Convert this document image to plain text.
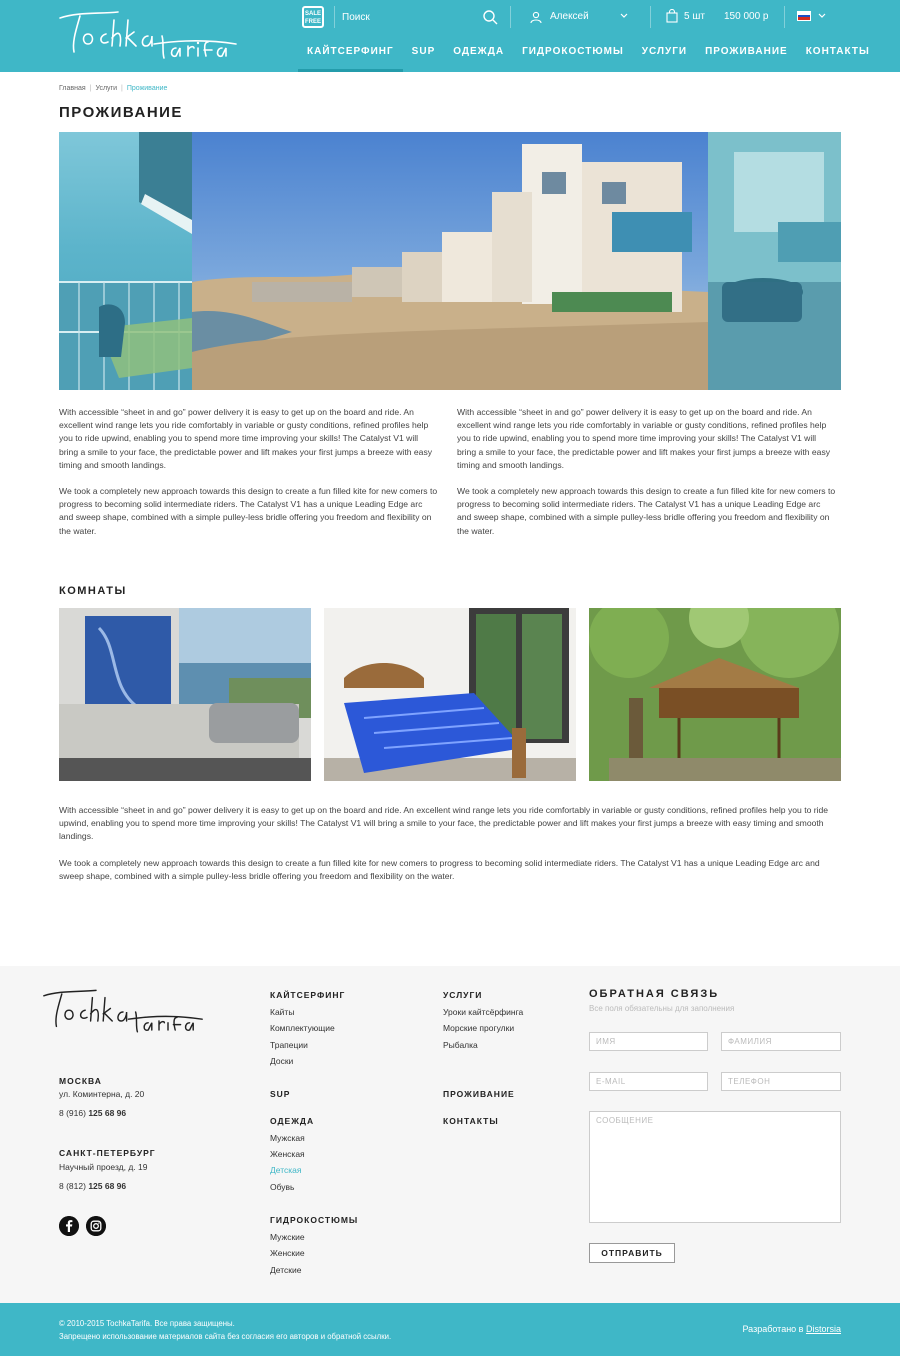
SALE FREE
Поиск	Алексей	5 шт 150 000 р
КАЙТСЕРФИНГ	SUP	ОДЕЖДА	ГИДРОКОСТЮМЫ	УСЛУГИ	ПРОЖИВАНИЕ	КОНТАКТЫ
Главная | Услуги | Проживание
ПРОЖИВАНИЕ

With accessible “sheet in and go” power delivery it is easy to get up on the board and ride. An excellent wind range lets you ride comfortably in variable or gusty conditions, refined profiles help you to ride upwind, enabling you to spend more time improving your skills! The Catalyst V1 will bring a smile to your face, the predictable power and lift makes your first jumps a breeze with easy timing and smooth landings.

We took a completely new approach towards this design to create a fun filled kite for new comers to progress to becoming solid intermediate riders. The Catalyst V1 has a unique Leading Edge arc and sweep shape, combined with a simple pulley-less bridle offering you freedom and flexibility on the water.

With accessible “sheet in and go” power delivery it is easy to get up on the board and ride. An excellent wind range lets you ride comfortably in variable or gusty conditions, refined profiles help you to ride upwind, enabling you to spend more time improving your skills! The Catalyst V1 will bring a smile to your face, the predictable power and lift makes your first jumps a breeze with easy timing and smooth landings.

We took a completely new approach towards this design to create a fun filled kite for new comers to progress to becoming solid intermediate riders. The Catalyst V1 has a unique Leading Edge arc and sweep shape, combined with a simple pulley-less bridle offering you freedom and flexibility on the water.

КОМНАТЫ

With accessible “sheet in and go” power delivery it is easy to get up on the board and ride. An excellent wind range lets you ride comfortably in variable or gusty conditions, refined profiles help you to ride upwind, enabling you to spend more time improving your skills! The Catalyst V1 will bring a smile to your face, the predictable power and lift makes your first jumps a breeze with easy timing and smooth landings.

We took a completely new approach towards this design to create a fun filled kite for new comers to progress to becoming solid intermediate riders. The Catalyst V1 has a unique Leading Edge arc and sweep shape, combined with a simple pulley-less bridle offering you freedom and flexibility on the water.

МОСКВА
ул. Коминтерна, д. 20
8 (916) 125 68 96
САНКТ-ПЕТЕРБУРГ
Научный проезд, д. 19
8 (812) 125 68 96
КАЙТСЕРФИНГ
Кайты
Комплектующие
Трапеции
Доски
SUP
ОДЕЖДА
Мужская
Женская
Детская
Обувь
ГИДРОКОСТЮМЫ
Мужские
Женские
Детские
УСЛУГИ
Уроки кайтсёрфинга
Морские прогулки
Рыбалка
ПРОЖИВАНИЕ
КОНТАКТЫ
ОБРАТНАЯ СВЯЗЬ
Все поля обязательны для заполнения
ИМЯ
ФАМИЛИЯ
E-MAIL
ТЕЛЕФОН
СООБЩЕНИЕ
ОТПРАВИТЬ
© 2010-2015 TochkaTarifa. Все права защищены.
Запрещено использование материалов сайта без согласия его авторов и обратной ссылки.
Разработано в Distorsia
